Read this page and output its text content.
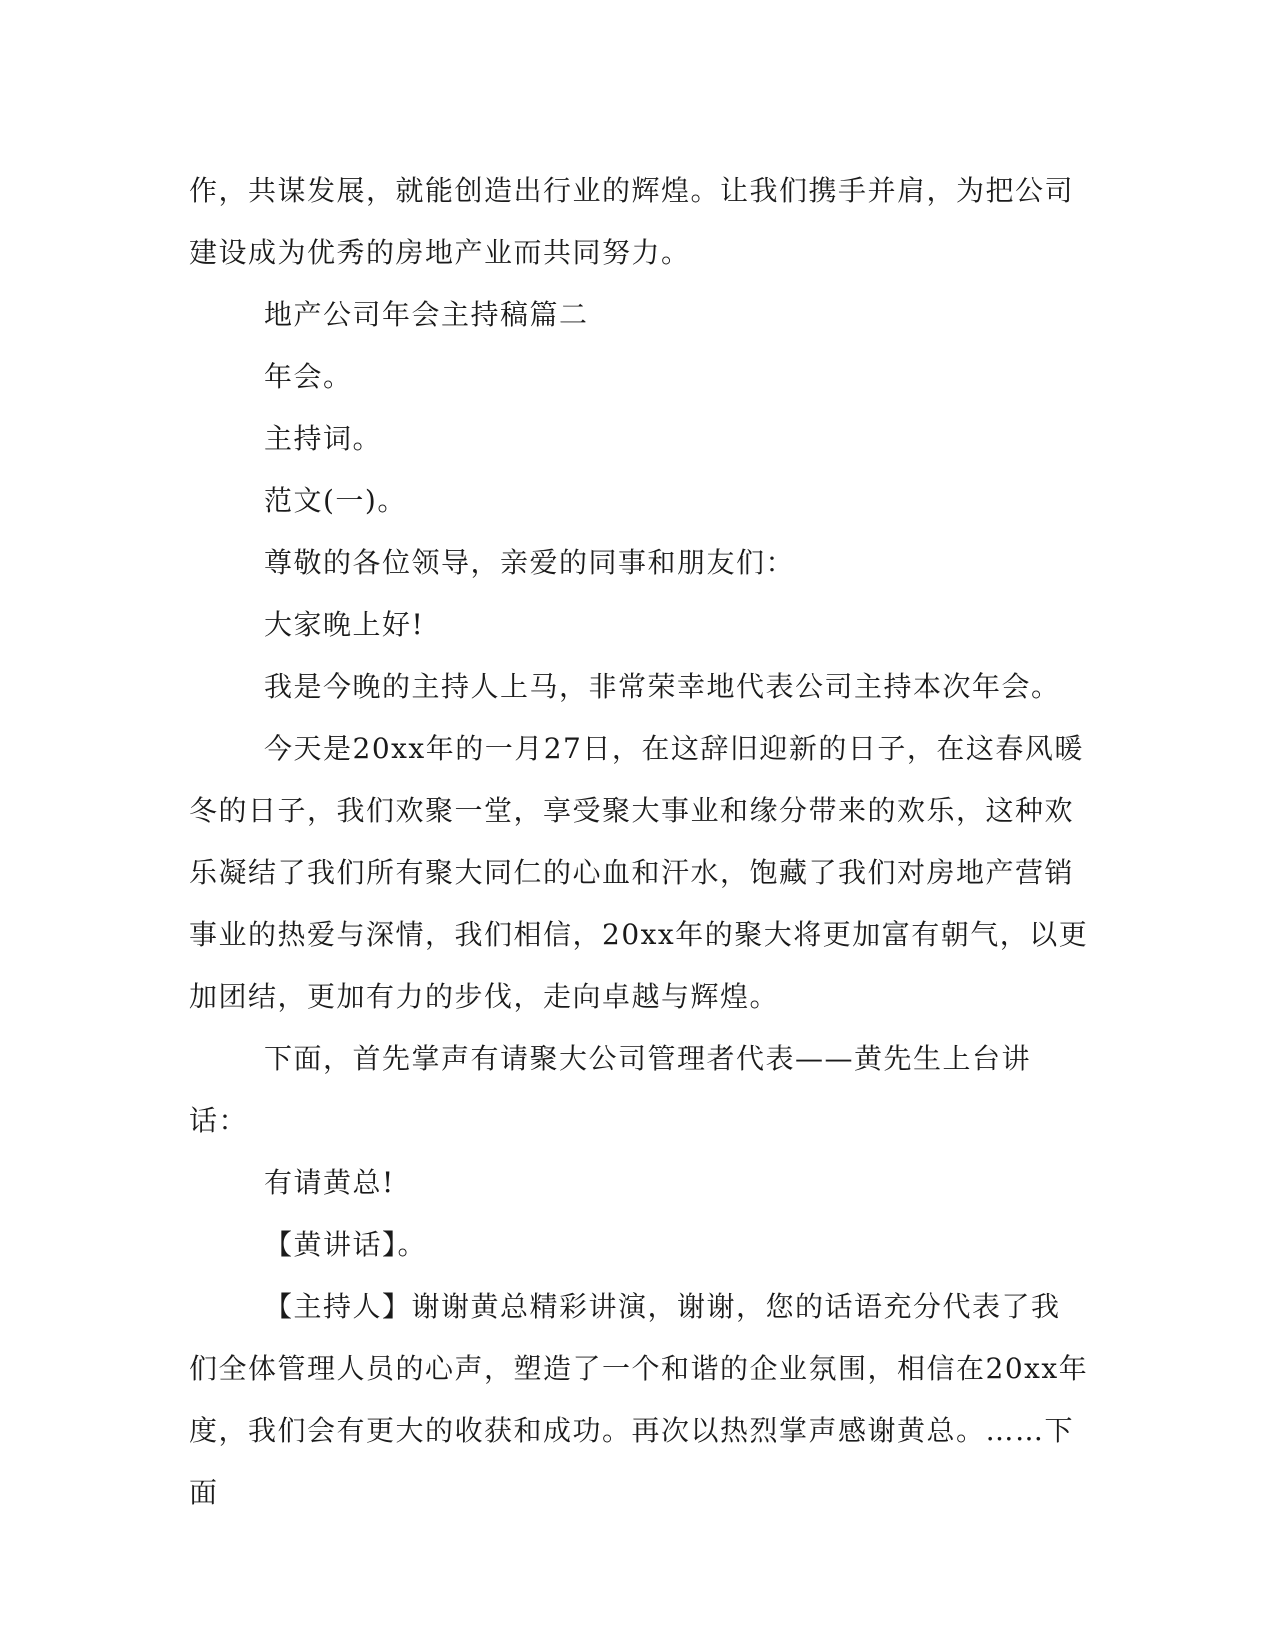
作，共谋发展，就能创造出行业的辉煌。让我们携手并肩，为把公司建设成为优秀的房地产业而共同努力。

地产公司年会主持稿篇二

年会。

主持词。

范文(一)。

尊敬的各位领导，亲爱的同事和朋友们：

大家晚上好!

我是今晚的主持人上马，非常荣幸地代表公司主持本次年会。

今天是20xx年的一月27日，在这辞旧迎新的日子，在这春风暖冬的日子，我们欢聚一堂，享受聚大事业和缘分带来的欢乐，这种欢乐凝结了我们所有聚大同仁的心血和汗水，饱藏了我们对房地产营销事业的热爱与深情，我们相信，20xx年的聚大将更加富有朝气，以更加团结，更加有力的步伐，走向卓越与辉煌。

下面，首先掌声有请聚大公司管理者代表——黄先生上台讲话：

有请黄总!

【黄讲话】。

【主持人】谢谢黄总精彩讲演，谢谢，您的话语充分代表了我们全体管理人员的心声，塑造了一个和谐的企业氛围，相信在20xx年度，我们会有更大的收获和成功。再次以热烈掌声感谢黄总。……下面
